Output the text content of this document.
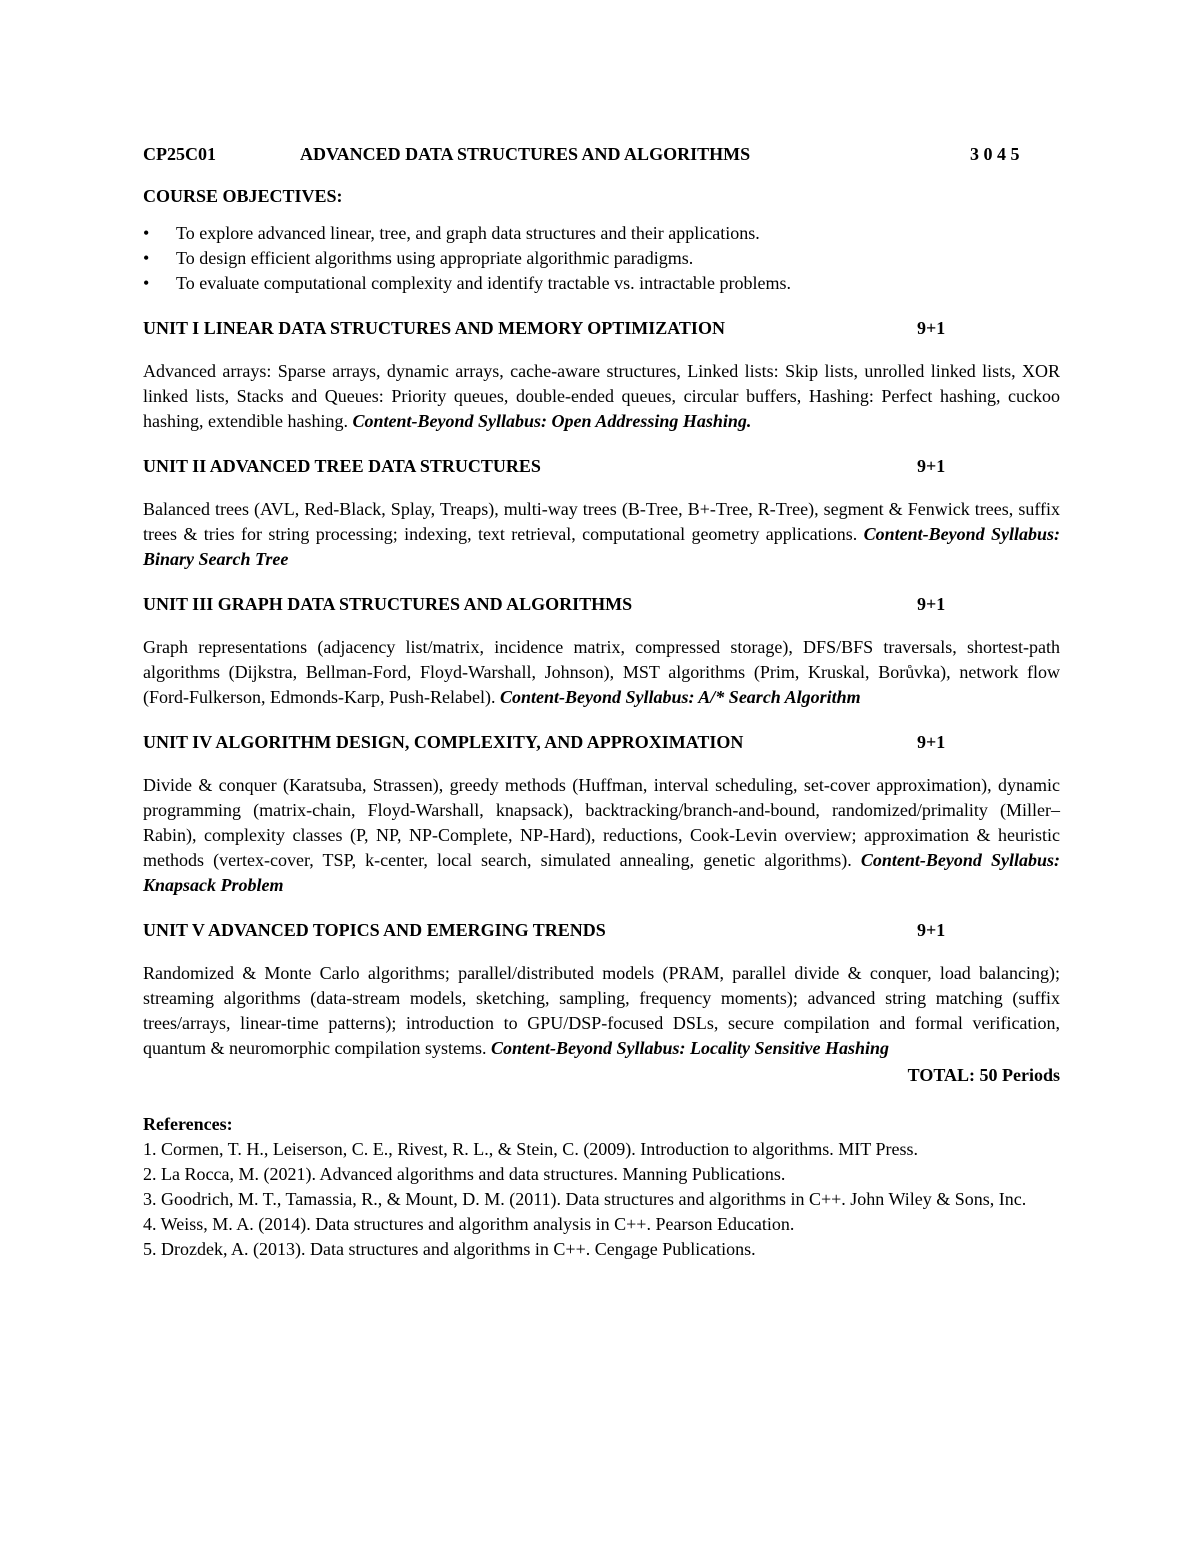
CP25C01	ADVANCED DATA STRUCTURES AND ALGORITHMS	3 0 4 5

COURSE OBJECTIVES:

• To explore advanced linear, tree, and graph data structures and their applications.
• To design efficient algorithms using appropriate algorithmic paradigms.
• To evaluate computational complexity and identify tractable vs. intractable problems.
UNIT I LINEAR DATA STRUCTURES AND MEMORY OPTIMIZATION	9+1

Advanced arrays: Sparse arrays, dynamic arrays, cache-aware structures, Linked lists: Skip lists, unrolled linked lists, XOR linked lists, Stacks and Queues: Priority queues, double-ended queues, circular buffers, Hashing: Perfect hashing, cuckoo hashing, extendible hashing. Content-Beyond Syllabus: Open Addressing Hashing.

UNIT II ADVANCED TREE DATA STRUCTURES	9+1

Balanced trees (AVL, Red-Black, Splay, Treaps), multi-way trees (B-Tree, B+-Tree, R-Tree), segment & Fenwick trees, suffix trees & tries for string processing; indexing, text retrieval, computational geometry applications. Content-Beyond Syllabus: Binary Search Tree

UNIT III GRAPH DATA STRUCTURES AND ALGORITHMS	9+1

Graph representations (adjacency list/matrix, incidence matrix, compressed storage), DFS/BFS traversals, shortest-path algorithms (Dijkstra, Bellman-Ford, Floyd-Warshall, Johnson), MST algorithms (Prim, Kruskal, Borůvka), network flow (Ford-Fulkerson, Edmonds-Karp, Push-Relabel). Content-Beyond Syllabus: A/* Search Algorithm

UNIT IV ALGORITHM DESIGN, COMPLEXITY, AND APPROXIMATION	9+1

Divide & conquer (Karatsuba, Strassen), greedy methods (Huffman, interval scheduling, set-cover approximation), dynamic programming (matrix-chain, Floyd-Warshall, knapsack), backtracking/branch-and-bound, randomized/primality (Miller–Rabin), complexity classes (P, NP, NP-Complete, NP-Hard), reductions, Cook-Levin overview; approximation & heuristic methods (vertex-cover, TSP, k-center, local search, simulated annealing, genetic algorithms). Content-Beyond Syllabus: Knapsack Problem

UNIT V ADVANCED TOPICS AND EMERGING TRENDS	9+1

Randomized & Monte Carlo algorithms; parallel/distributed models (PRAM, parallel divide & conquer, load balancing); streaming algorithms (data-stream models, sketching, sampling, frequency moments); advanced string matching (suffix trees/arrays, linear-time patterns); introduction to GPU/DSP-focused DSLs, secure compilation and formal verification, quantum & neuromorphic compilation systems. Content-Beyond Syllabus: Locality Sensitive Hashing

TOTAL: 50 Periods

References:

1. Cormen, T. H., Leiserson, C. E., Rivest, R. L., & Stein, C. (2009). Introduction to algorithms. MIT Press.

2. La Rocca, M. (2021). Advanced algorithms and data structures. Manning Publications.

3. Goodrich, M. T., Tamassia, R., & Mount, D. M. (2011). Data structures and algorithms in C++. John Wiley & Sons, Inc.

4. Weiss, M. A. (2014). Data structures and algorithm analysis in C++. Pearson Education.

5. Drozdek, A. (2013). Data structures and algorithms in C++. Cengage Publications.
